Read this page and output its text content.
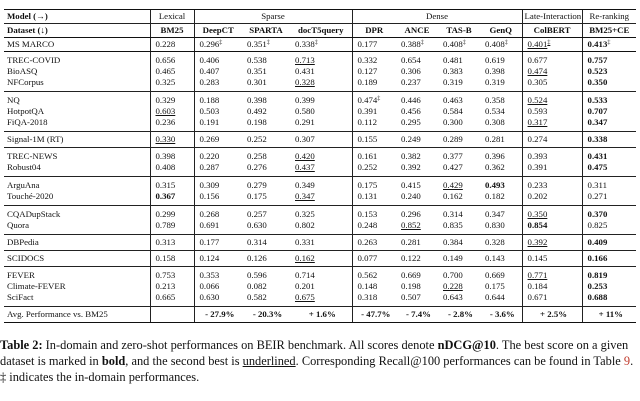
Model (→)	Lexical	Sparse			Dense				Late-Interaction	Re-ranking
Dataset (↓)	BM25	DeepCT	SPARTA	docT5query	DPR	ANCE	TAS-B	GenQ	ColBERT	BM25+CE
MS MARCO	0.228	0.296‡	0.351‡	0.338‡	0.177	0.388‡	0.408‡	0.408‡	0.401‡	0.413‡
TREC-COVID	0.656	0.406	0.538	0.713	0.332	0.654	0.481	0.619	0.677	0.757
BioASQ	0.465	0.407	0.351	0.431	0.127	0.306	0.383	0.398	0.474	0.523
NFCorpus	0.325	0.283	0.301	0.328	0.189	0.237	0.319	0.319	0.305	0.350
NQ	0.329	0.188	0.398	0.399	0.474‡	0.446	0.463	0.358	0.524	0.533
HotpotQA	0.603	0.503	0.492	0.580	0.391	0.456	0.584	0.534	0.593	0.707
FiQA-2018	0.236	0.191	0.198	0.291	0.112	0.295	0.300	0.308	0.317	0.347
Signal-1M (RT)	0.330	0.269	0.252	0.307	0.155	0.249	0.289	0.281	0.274	0.338
TREC-NEWS	0.398	0.220	0.258	0.420	0.161	0.382	0.377	0.396	0.393	0.431
Robust04	0.408	0.287	0.276	0.437	0.252	0.392	0.427	0.362	0.391	0.475
ArguAna	0.315	0.309	0.279	0.349	0.175	0.415	0.429	0.493	0.233	0.311
Touché-2020	0.367	0.156	0.175	0.347	0.131	0.240	0.162	0.182	0.202	0.271
CQADupStack	0.299	0.268	0.257	0.325	0.153	0.296	0.314	0.347	0.350	0.370
Quora	0.789	0.691	0.630	0.802	0.248	0.852	0.835	0.830	0.854	0.825
DBPedia	0.313	0.177	0.314	0.331	0.263	0.281	0.384	0.328	0.392	0.409
SCIDOCS	0.158	0.124	0.126	0.162	0.077	0.122	0.149	0.143	0.145	0.166
FEVER	0.753	0.353	0.596	0.714	0.562	0.669	0.700	0.669	0.771	0.819
Climate-FEVER	0.213	0.066	0.082	0.201	0.148	0.198	0.228	0.175	0.184	0.253
SciFact	0.665	0.630	0.582	0.675	0.318	0.507	0.643	0.644	0.671	0.688
Avg. Performance vs. BM25		- 27.9%	- 20.3%	+ 1.6%	- 47.7%	- 7.4%	- 2.8%	- 3.6%	+ 2.5%	+ 11%

Table 2: In-domain and zero-shot performances on BEIR benchmark. All scores denote nDCG@10. The best score on a given dataset is marked in bold, and the second best is underlined. Corresponding Recall@100 performances can be found in Table 9. ‡ indicates the in-domain performances.
